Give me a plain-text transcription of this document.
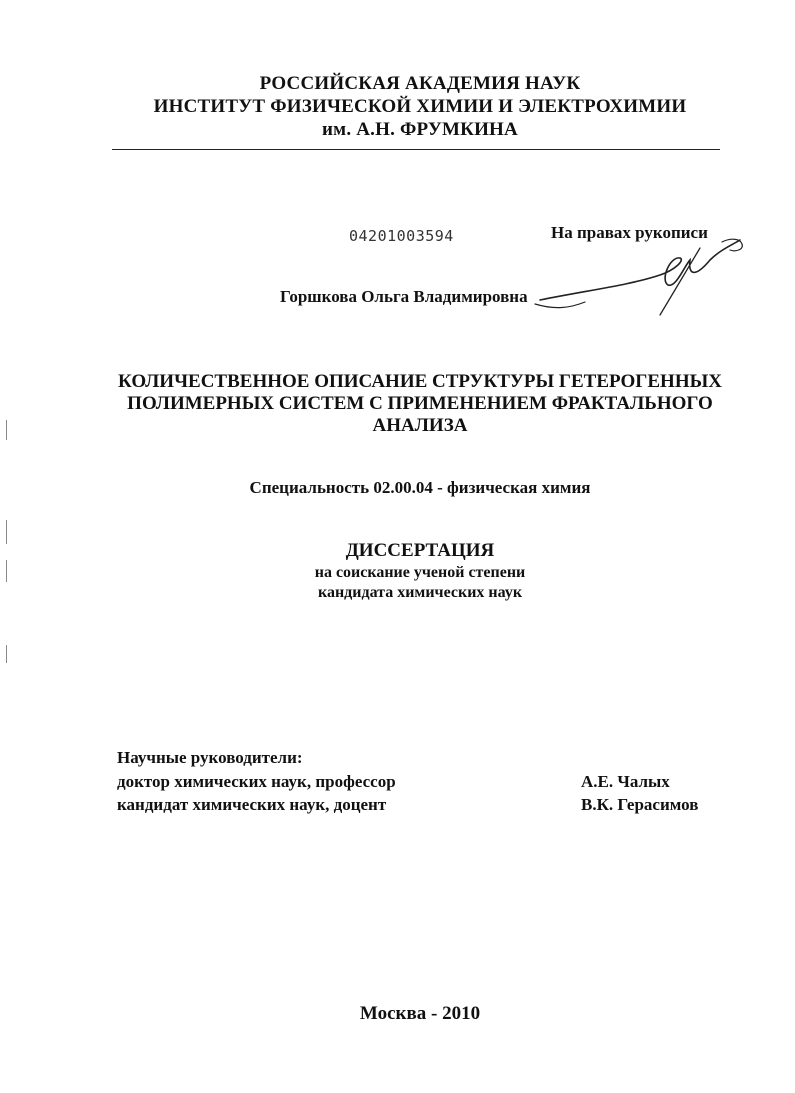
РОССИЙСКАЯ АКАДЕМИЯ НАУК
ИНСТИТУТ ФИЗИЧЕСКОЙ ХИМИИ И ЭЛЕКТРОХИМИИ
им. А.Н. ФРУМКИНА
04201003594	На правах рукописи
Горшкова Ольга Владимировна
КОЛИЧЕСТВЕННОЕ ОПИСАНИЕ СТРУКТУРЫ ГЕТЕРОГЕННЫХ
ПОЛИМЕРНЫХ СИСТЕМ С ПРИМЕНЕНИЕМ ФРАКТАЛЬНОГО
АНАЛИЗА
Специальность 02.00.04 - физическая химия
ДИССЕРТАЦИЯ
на соискание ученой степени
кандидата химических наук
Научные руководители:
доктор химических наук, профессор	А.Е. Чалых
кандидат химических наук, доцент	В.К. Герасимов
Москва - 2010
